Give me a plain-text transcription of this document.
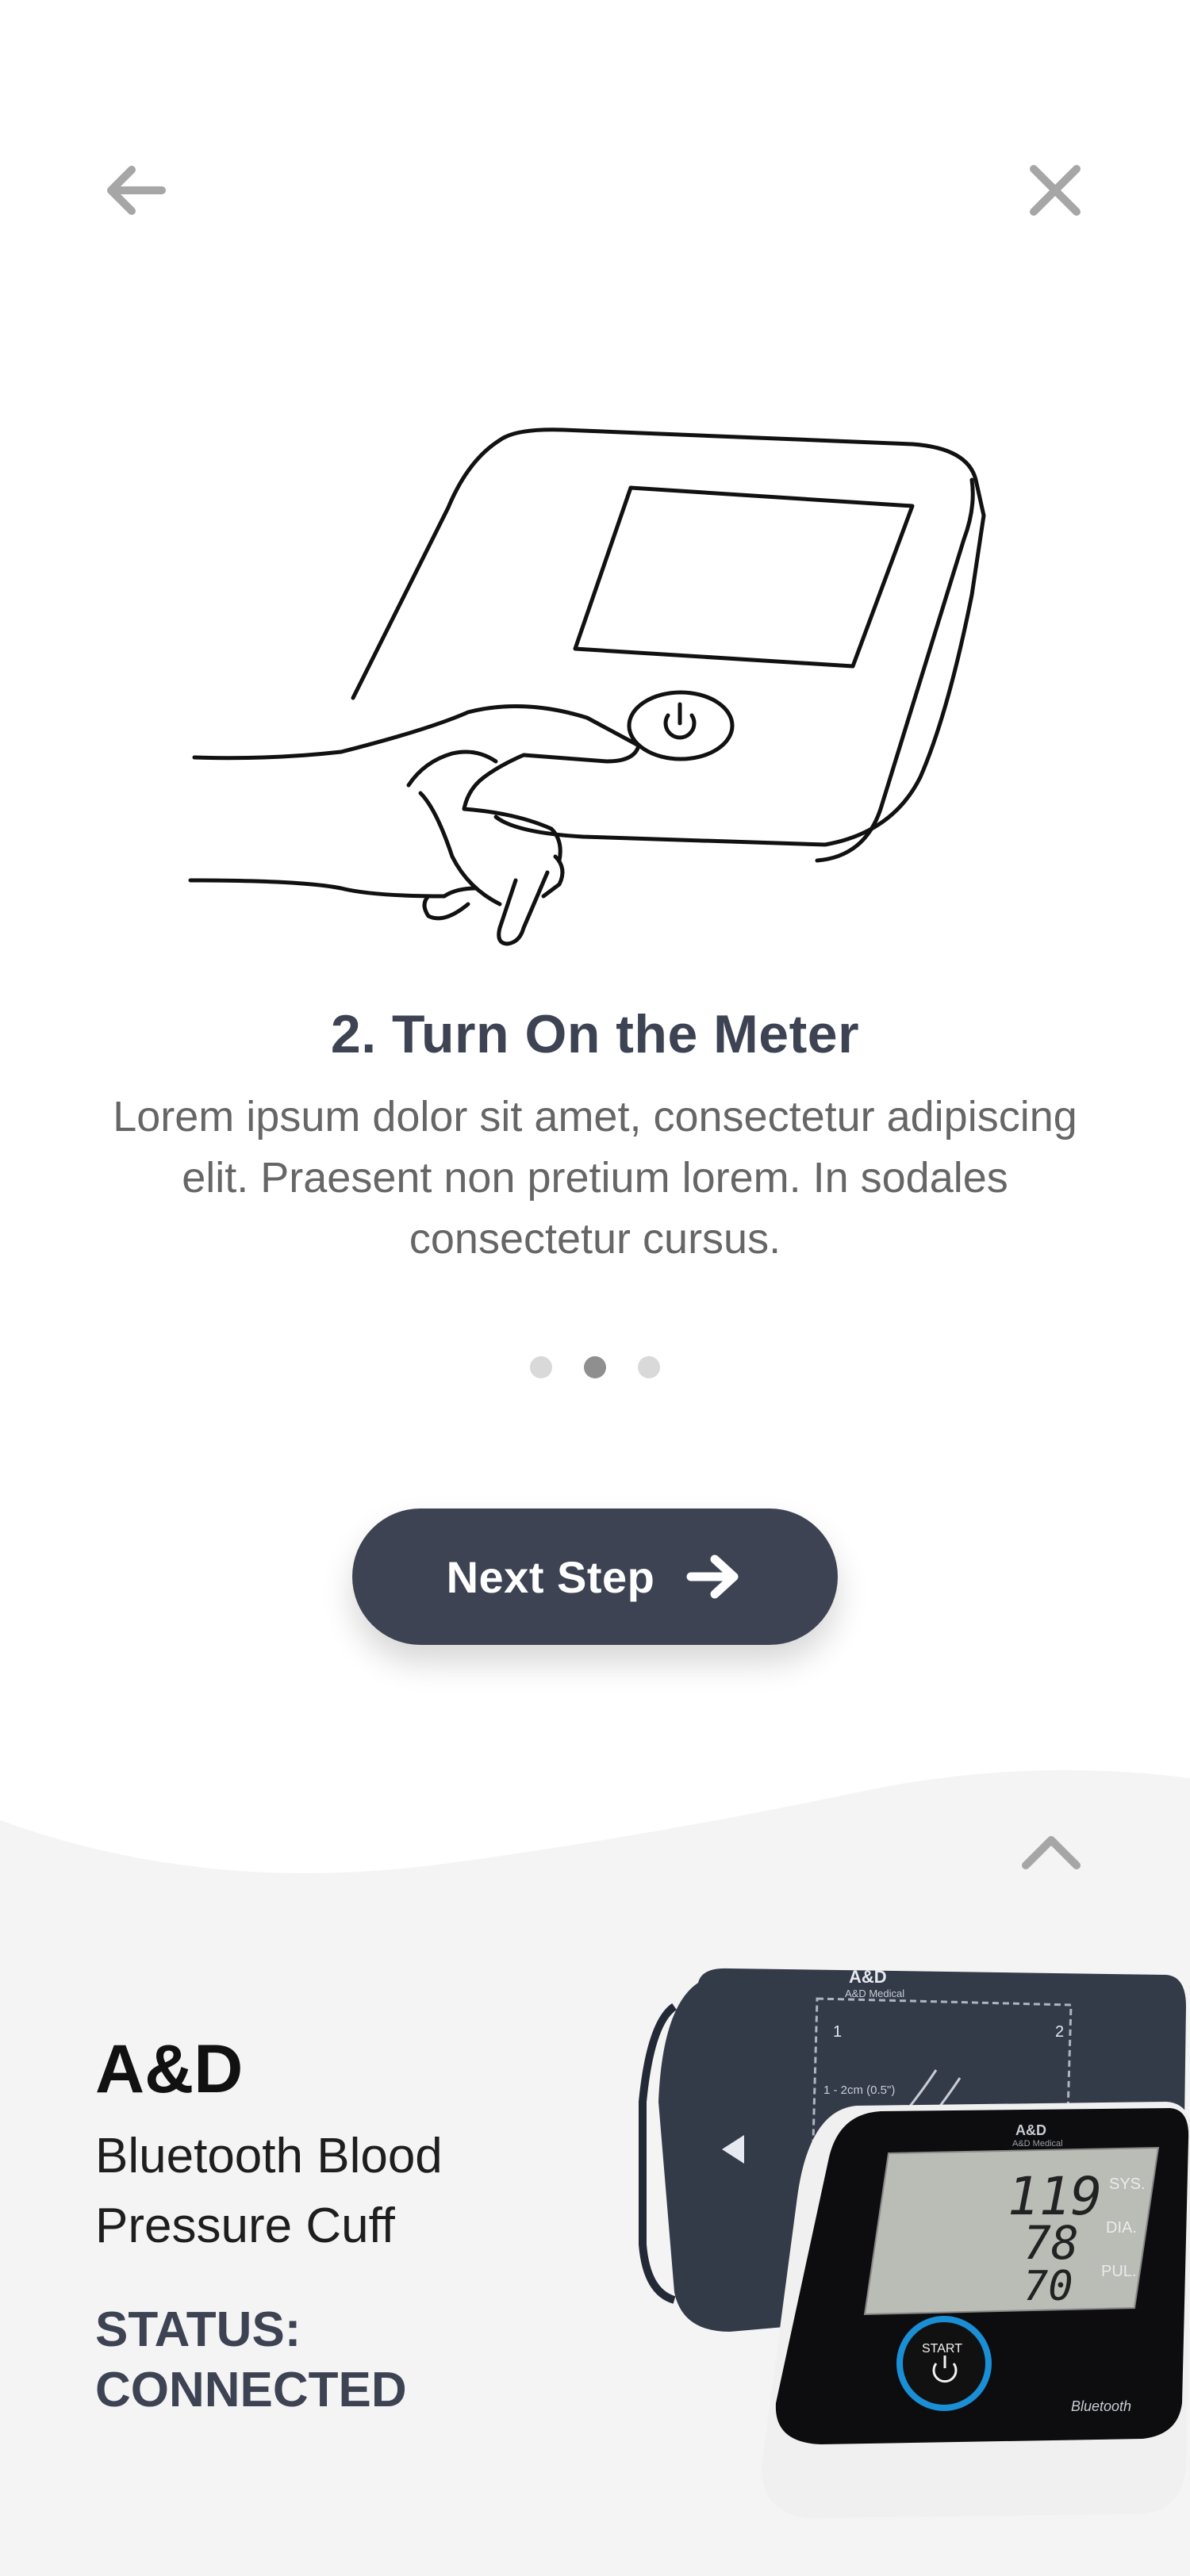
2. Turn On the Meter
Lorem ipsum dolor sit amet, consectetur adipiscing elit. Praesent non pretium lorem. In sodales consectetur cursus.
Next Step
A&D
Bluetooth Blood Pressure Cuff
STATUS: CONNECTED
A&D
A&D Medical
1	2
1 - 2cm (0.5")
A&D
A&D Medical
119
78
70
SYS.
DIA.
PUL.
START
Bluetooth
